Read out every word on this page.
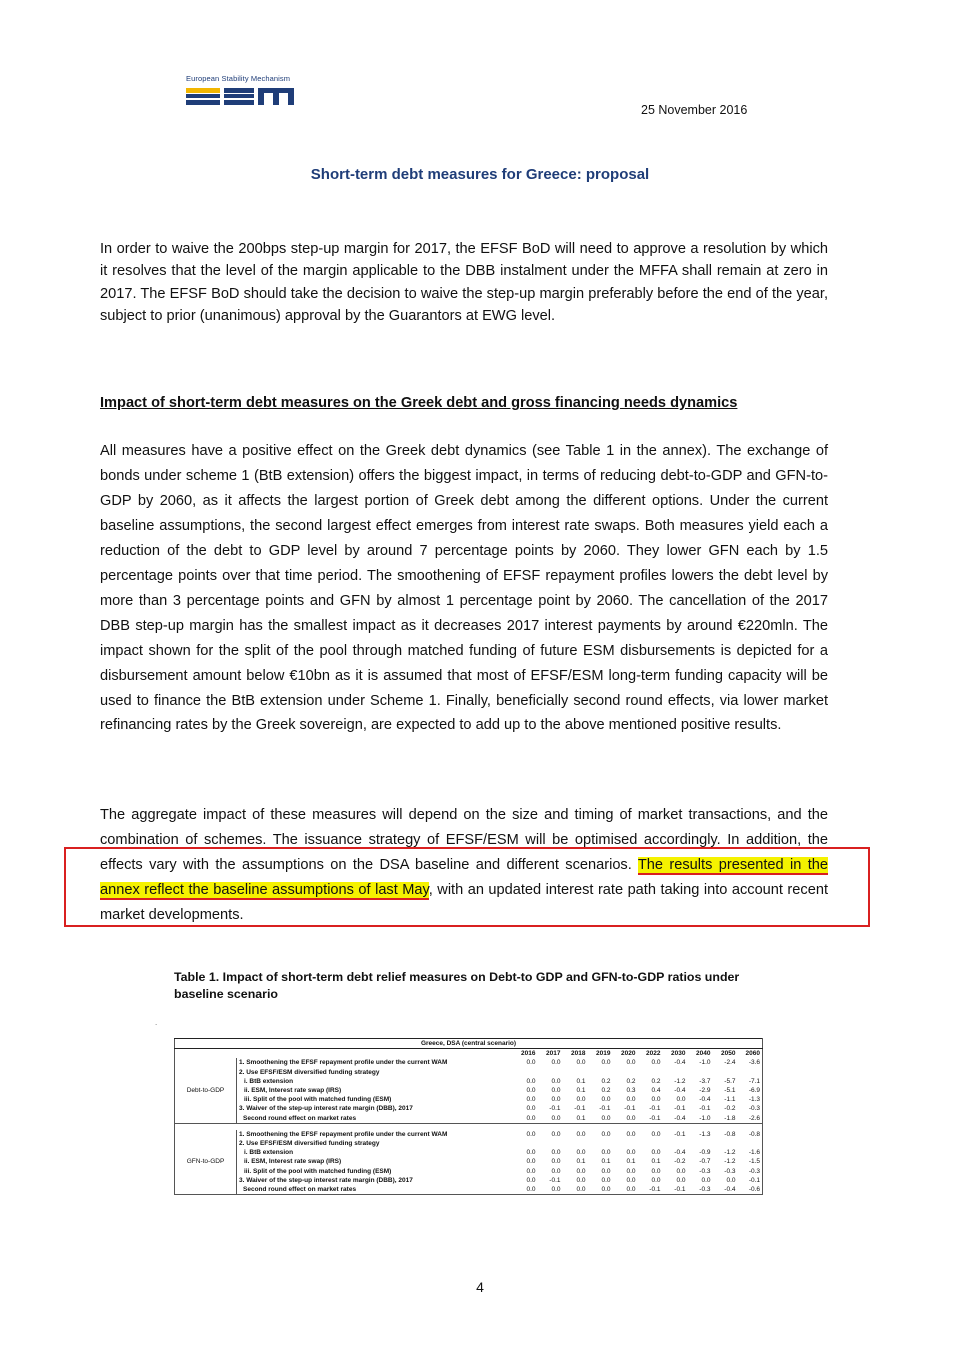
European Stability Mechanism
25 November 2016
Short-term debt measures for Greece: proposal

In order to waive the 200bps step-up margin for 2017, the EFSF BoD will need to approve a resolution by which it resolves that the level of the margin applicable to the DBB instalment under the MFFA shall remain at zero in 2017. The EFSF BoD should take the decision to waive the step-up margin preferably before the end of the year, subject to prior (unanimous) approval by the Guarantors at EWG level.

Impact of short-term debt measures on the Greek debt and gross financing needs dynamics

All measures have a positive effect on the Greek debt dynamics (see Table 1 in the annex). The exchange of bonds under scheme 1 (BtB extension) offers the biggest impact, in terms of reducing debt-to-GDP and GFN-to-GDP by 2060, as it affects the largest portion of Greek debt among the different options. Under the current baseline assumptions, the second largest effect emerges from interest rate swaps. Both measures yield each a reduction of the debt to GDP level by around 7 percentage points by 2060. They lower GFN each by 1.5 percentage points over that time period. The smoothening of EFSF repayment profiles lowers the debt level by more than 3 percentage points and GFN by almost 1 percentage point by 2060. The cancellation of the 2017 DBB step-up margin has the smallest impact as it decreases 2017 interest payments by around €220mln. The impact shown for the split of the pool through matched funding of future ESM disbursements is depicted for a disbursement amount below €10bn as it is assumed that most of EFSF/ESM long-term funding capacity will be used to finance the BtB extension under Scheme 1. Finally, beneficially second round effects, via lower market refinancing rates by the Greek sovereign, are expected to add up to the above mentioned positive results.

The aggregate impact of these measures will depend on the size and timing of market transactions, and the combination of schemes. The issuance strategy of EFSF/ESM will be optimised accordingly. In addition, the effects vary with the assumptions on the DSA baseline and different scenarios. The results presented in the annex reflect the baseline assumptions of last May, with an updated interest rate path taking into account recent market developments.

Table 1. Impact of short-term debt relief measures on Debt-to GDP and GFN-to-GDP ratios under baseline scenario
.
Greece, DSA (central scenario)											
		2016	2017	2018	2019	2020	2022	2030	2040	2050	2060
Debt-to-GDP	1. Smoothening the EFSF repayment profile under the current WAM	0.0	0.0	0.0	0.0	0.0	0.0	-0.4	-1.0	-2.4	-3.6
	2. Use EFSF/ESM diversified funding strategy										
	i. BtB extension	0.0	0.0	0.1	0.2	0.2	0.2	-1.2	-3.7	-5.7	-7.1
	ii. ESM, Interest rate swap (IRS)	0.0	0.0	0.1	0.2	0.3	0.4	-0.4	-2.9	-5.1	-6.9
	iii. Split of the pool with matched funding (ESM)	0.0	0.0	0.0	0.0	0.0	0.0	0.0	-0.4	-1.1	-1.3
	3. Waiver of the step-up interest rate margin (DBB), 2017	0.0	-0.1	-0.1	-0.1	-0.1	-0.1	-0.1	-0.1	-0.2	-0.3
	Second round effect on market rates	0.0	0.0	0.1	0.0	0.0	-0.1	-0.4	-1.0	-1.8	-2.6

GFN-to-GDP	1. Smoothening the EFSF repayment profile under the current WAM	0.0	0.0	0.0	0.0	0.0	0.0	-0.1	-1.3	-0.8	-0.8
	2. Use EFSF/ESM diversified funding strategy										
	i. BtB extension	0.0	0.0	0.0	0.0	0.0	0.0	-0.4	-0.9	-1.2	-1.6
	ii. ESM, Interest rate swap (IRS)	0.0	0.0	0.1	0.1	0.1	0.1	-0.2	-0.7	-1.2	-1.5
	iii. Split of the pool with matched funding (ESM)	0.0	0.0	0.0	0.0	0.0	0.0	0.0	-0.3	-0.3	-0.3
	3. Waiver of the step-up interest rate margin (DBB), 2017	0.0	-0.1	0.0	0.0	0.0	0.0	0.0	0.0	0.0	-0.1
	Second round effect on market rates	0.0	0.0	0.0	0.0	0.0	-0.1	-0.1	-0.3	-0.4	-0.6
4
